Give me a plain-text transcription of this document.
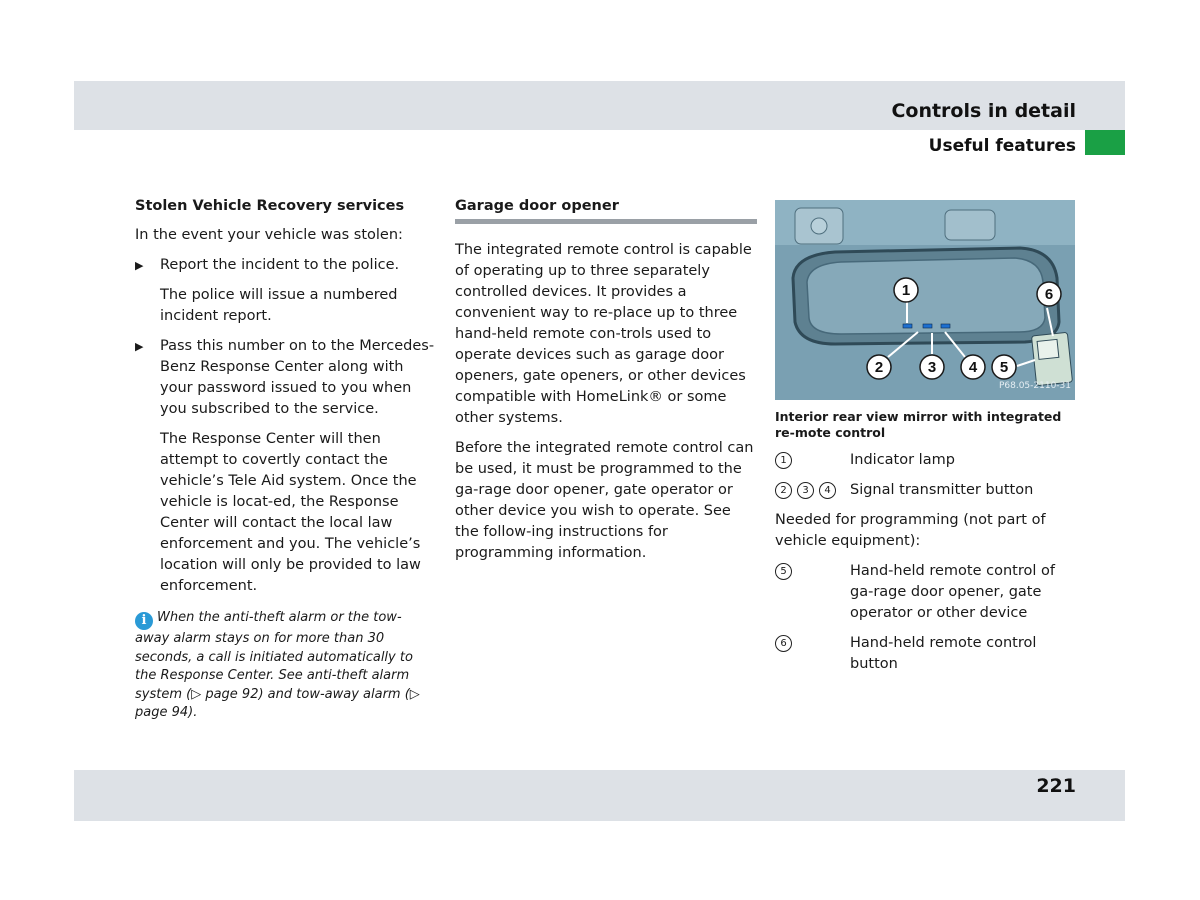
Controls in detail
Useful features
Stolen Vehicle Recovery services

In the event your vehicle was stolen:

▶	Report the incident to the police.

The police will issue a numbered incident report.

▶	Pass this number on to the Mercedes-Benz Response Center along with your password issued to you when you subscribed to the service.

The Response Center will then attempt to covertly contact the vehicle’s Tele Aid system. Once the vehicle is locat-ed, the Response Center will contact the local law enforcement and you. The vehicle’s location will only be provided to law enforcement.

i When the anti-theft alarm or the tow-away alarm stays on for more than 30 seconds, a call is initiated automatically to the Response Center. See anti-theft alarm system (▷ page 92) and tow-away alarm (▷ page 94).

Garage door opener

The integrated remote control is capable of operating up to three separately controlled devices. It provides a convenient way to re-place up to three hand-held remote con-trols used to operate devices such as garage door openers, gate openers, or other devices compatible with HomeLink® or some other systems.

Before the integrated remote control can be used, it must be programmed to the ga-rage door opener, gate operator or other device you wish to operate. See the follow-ing instructions for programming information.

1
2	3 4 5
6
P68.05-2110-31
Interior rear view mirror with integrated re-mote control
1	Indicator lamp

2 3 4	Signal transmitter button

Needed for programming (not part of vehicle equipment):

5	Hand-held remote control of ga-rage door opener, gate operator or other device

6	Hand-held remote control button

221
